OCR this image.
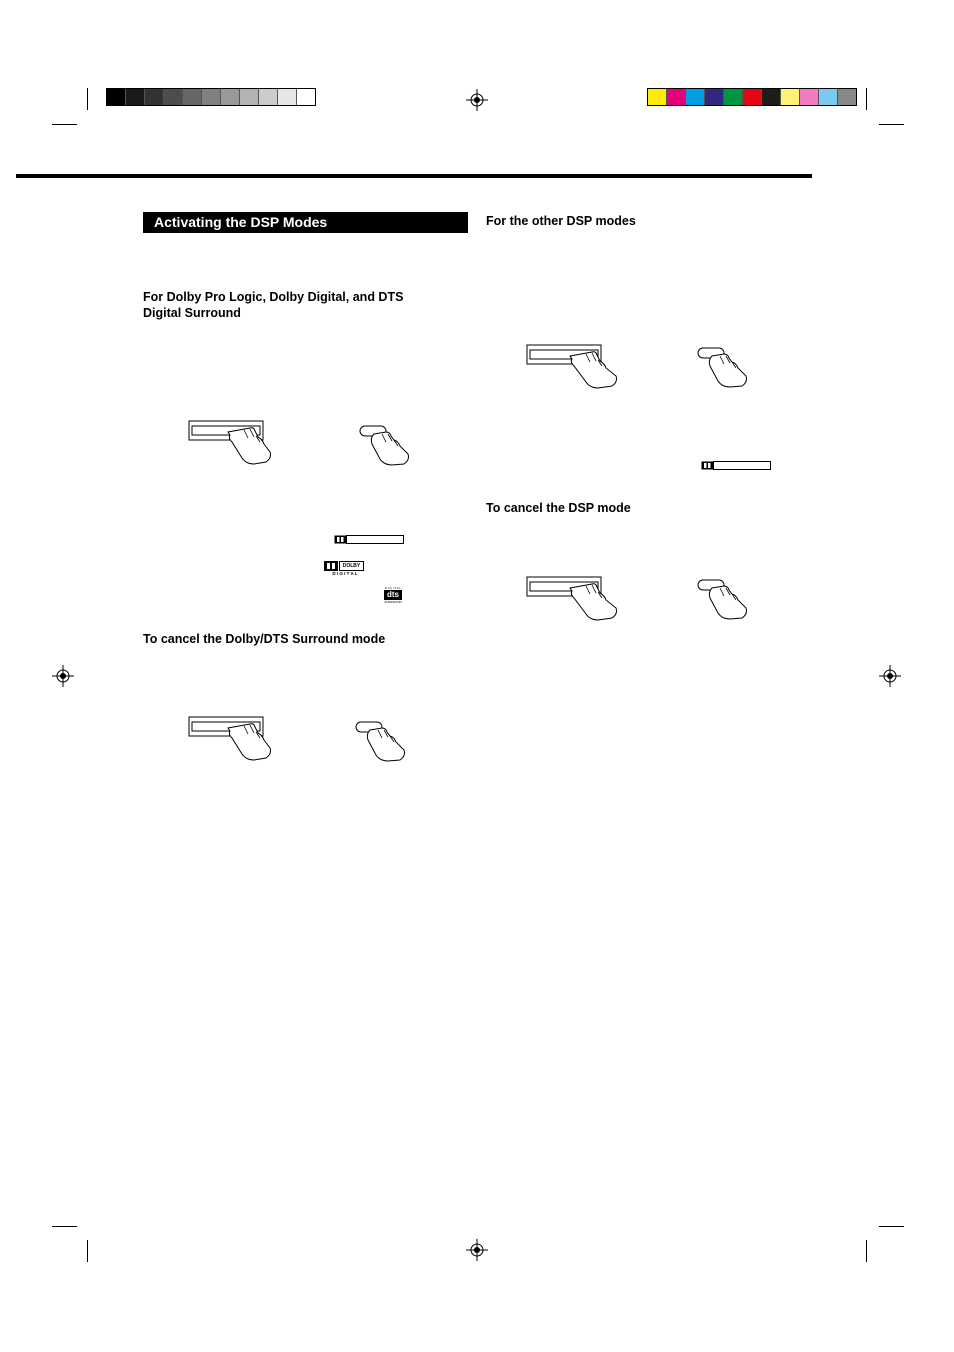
Activating the DSP Modes
For Dolby Pro Logic, Dolby Digital, and DTS Digital Surround
To cancel the Dolby/DTS Surround mode
For the other DSP modes
To cancel the DSP mode
DOLBY
D I G I T A L
D I G I T A L
dts
SURROUND
